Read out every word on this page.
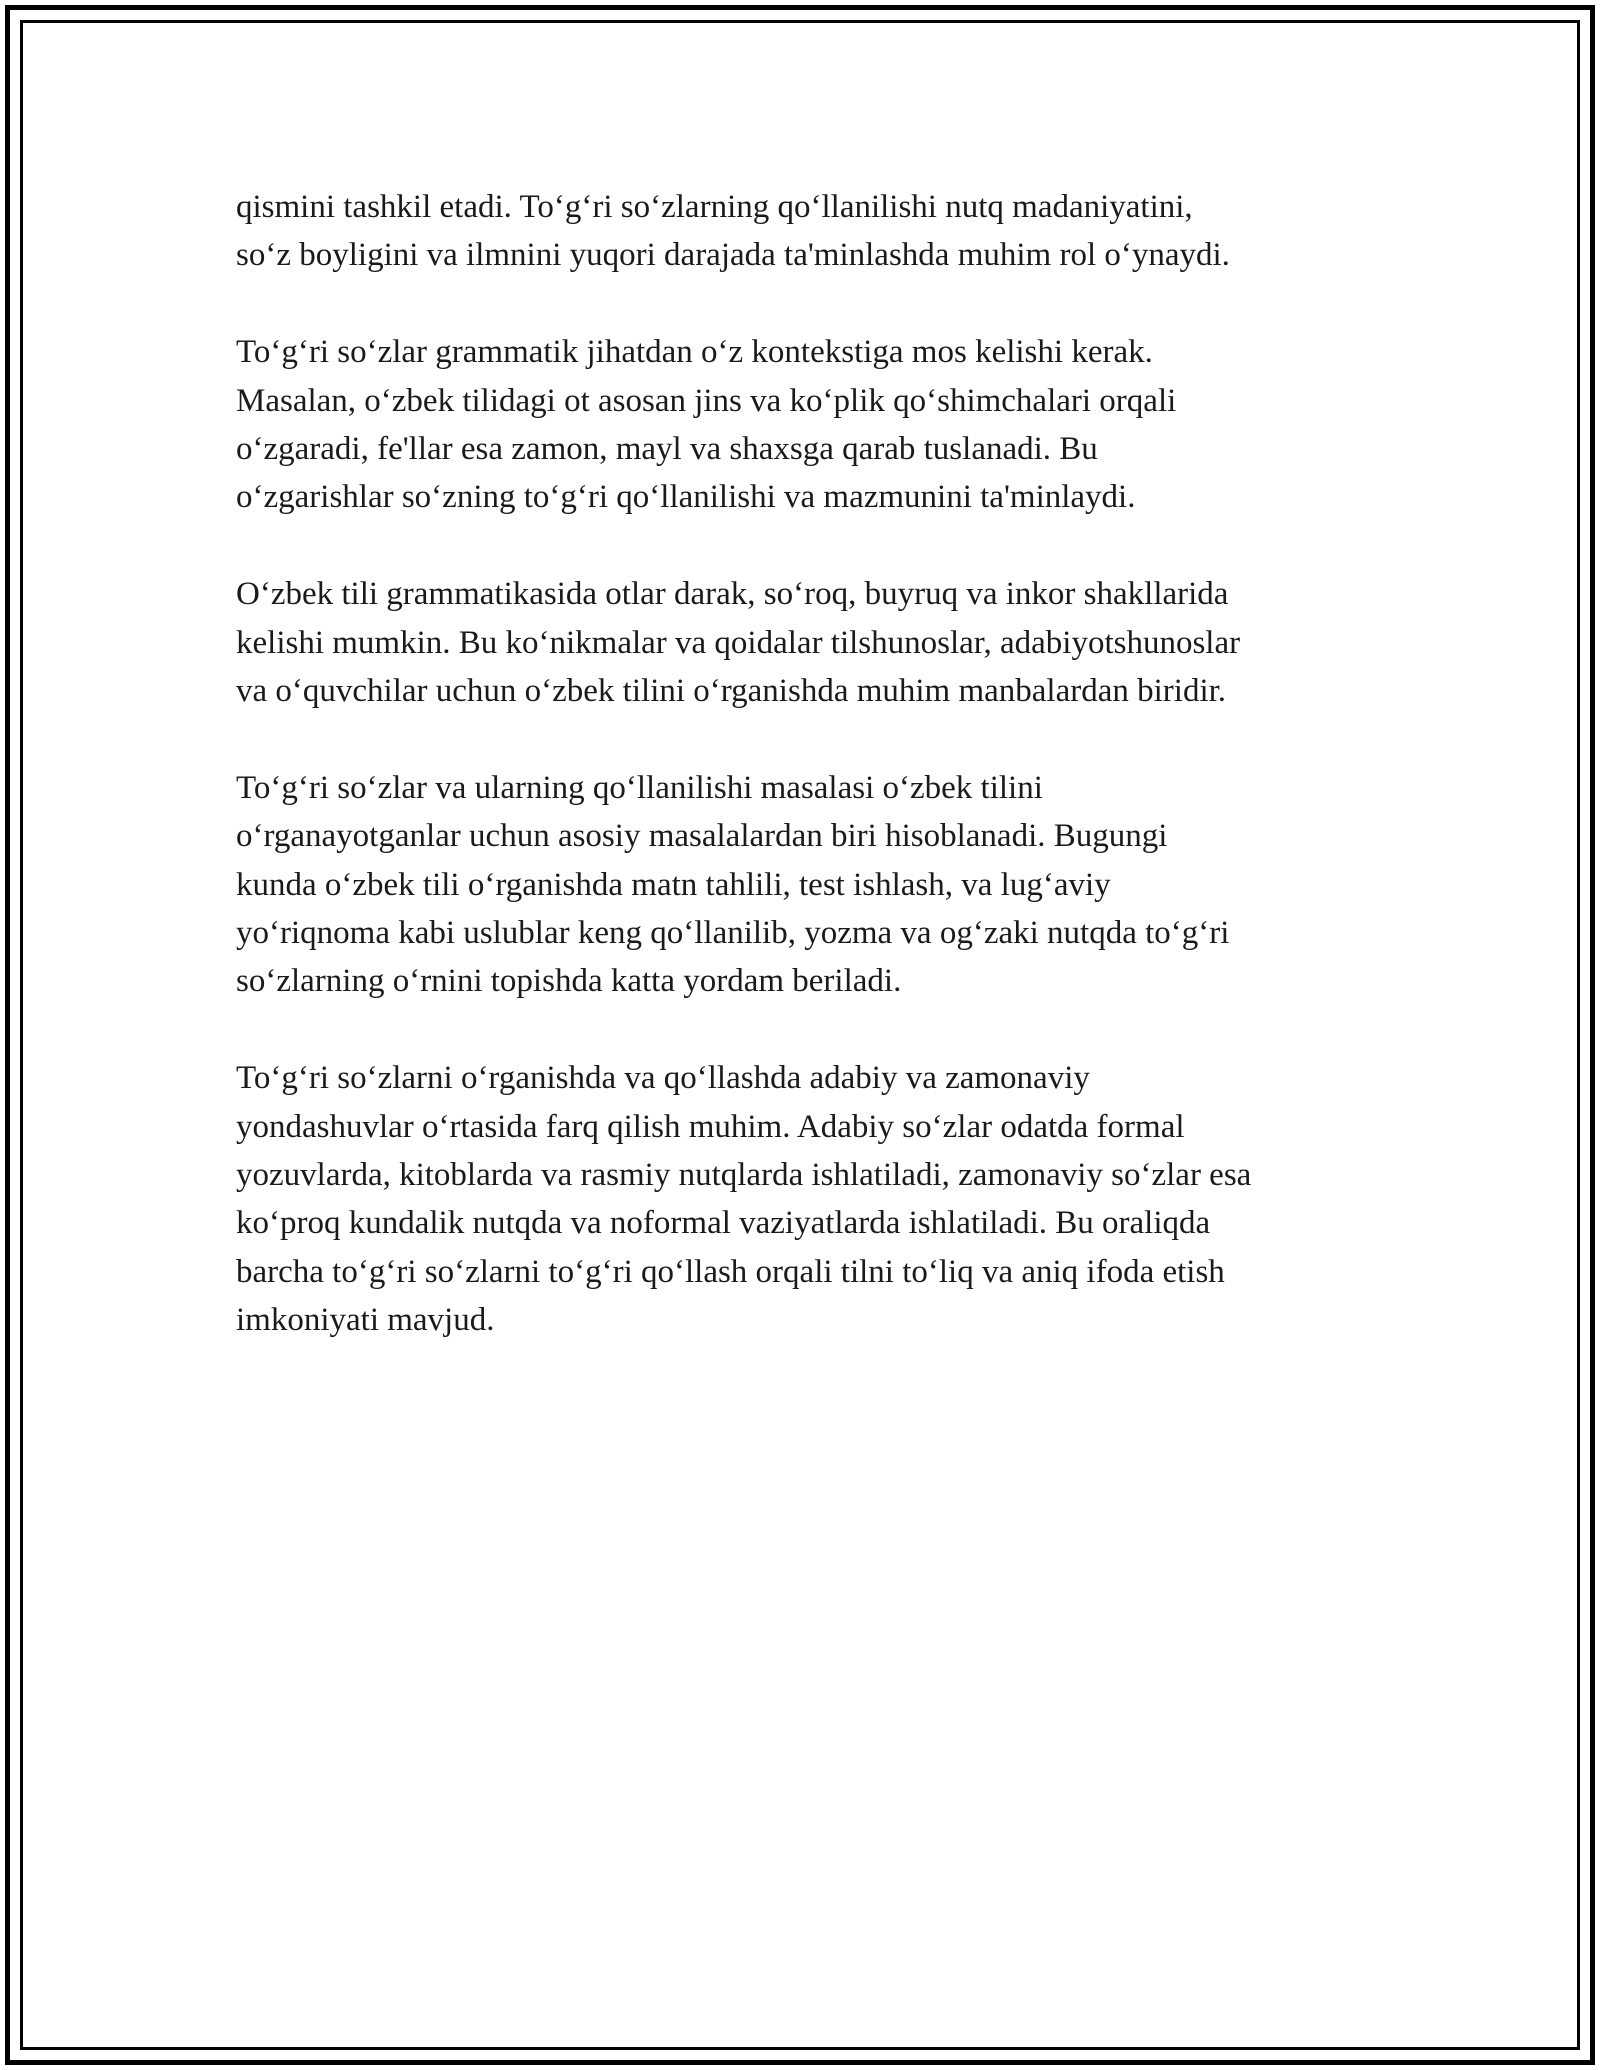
qismini tashkil etadi. To‘g‘ri so‘zlarning qo‘llanilishi nutq madaniyatini,
so‘z boyligini va ilmnini yuqori darajada ta'minlashda muhim rol o‘ynaydi.

To‘g‘ri so‘zlar grammatik jihatdan o‘z kontekstiga mos kelishi kerak.
Masalan, o‘zbek tilidagi ot asosan jins va ko‘plik qo‘shimchalari orqali
o‘zgaradi, fe'llar esa zamon, mayl va shaxsga qarab tuslanadi. Bu
o‘zgarishlar so‘zning to‘g‘ri qo‘llanilishi va mazmunini ta'minlaydi.

O‘zbek tili grammatikasida otlar darak, so‘roq, buyruq va inkor shakllarida
kelishi mumkin. Bu ko‘nikmalar va qoidalar tilshunoslar, adabiyotshunoslar
va o‘quvchilar uchun o‘zbek tilini o‘rganishda muhim manbalardan biridir.

To‘g‘ri so‘zlar va ularning qo‘llanilishi masalasi o‘zbek tilini
o‘rganayotganlar uchun asosiy masalalardan biri hisoblanadi. Bugungi
kunda o‘zbek tili o‘rganishda matn tahlili, test ishlash, va lug‘aviy
yo‘riqnoma kabi uslublar keng qo‘llanilib, yozma va og‘zaki nutqda to‘g‘ri
so‘zlarning o‘rnini topishda katta yordam beriladi.

To‘g‘ri so‘zlarni o‘rganishda va qo‘llashda adabiy va zamonaviy
yondashuvlar o‘rtasida farq qilish muhim. Adabiy so‘zlar odatda formal
yozuvlarda, kitoblarda va rasmiy nutqlarda ishlatiladi, zamonaviy so‘zlar esa
ko‘proq kundalik nutqda va noformal vaziyatlarda ishlatiladi. Bu oraliqda
barcha to‘g‘ri so‘zlarni to‘g‘ri qo‘llash orqali tilni to‘liq va aniq ifoda etish
imkoniyati mavjud.
